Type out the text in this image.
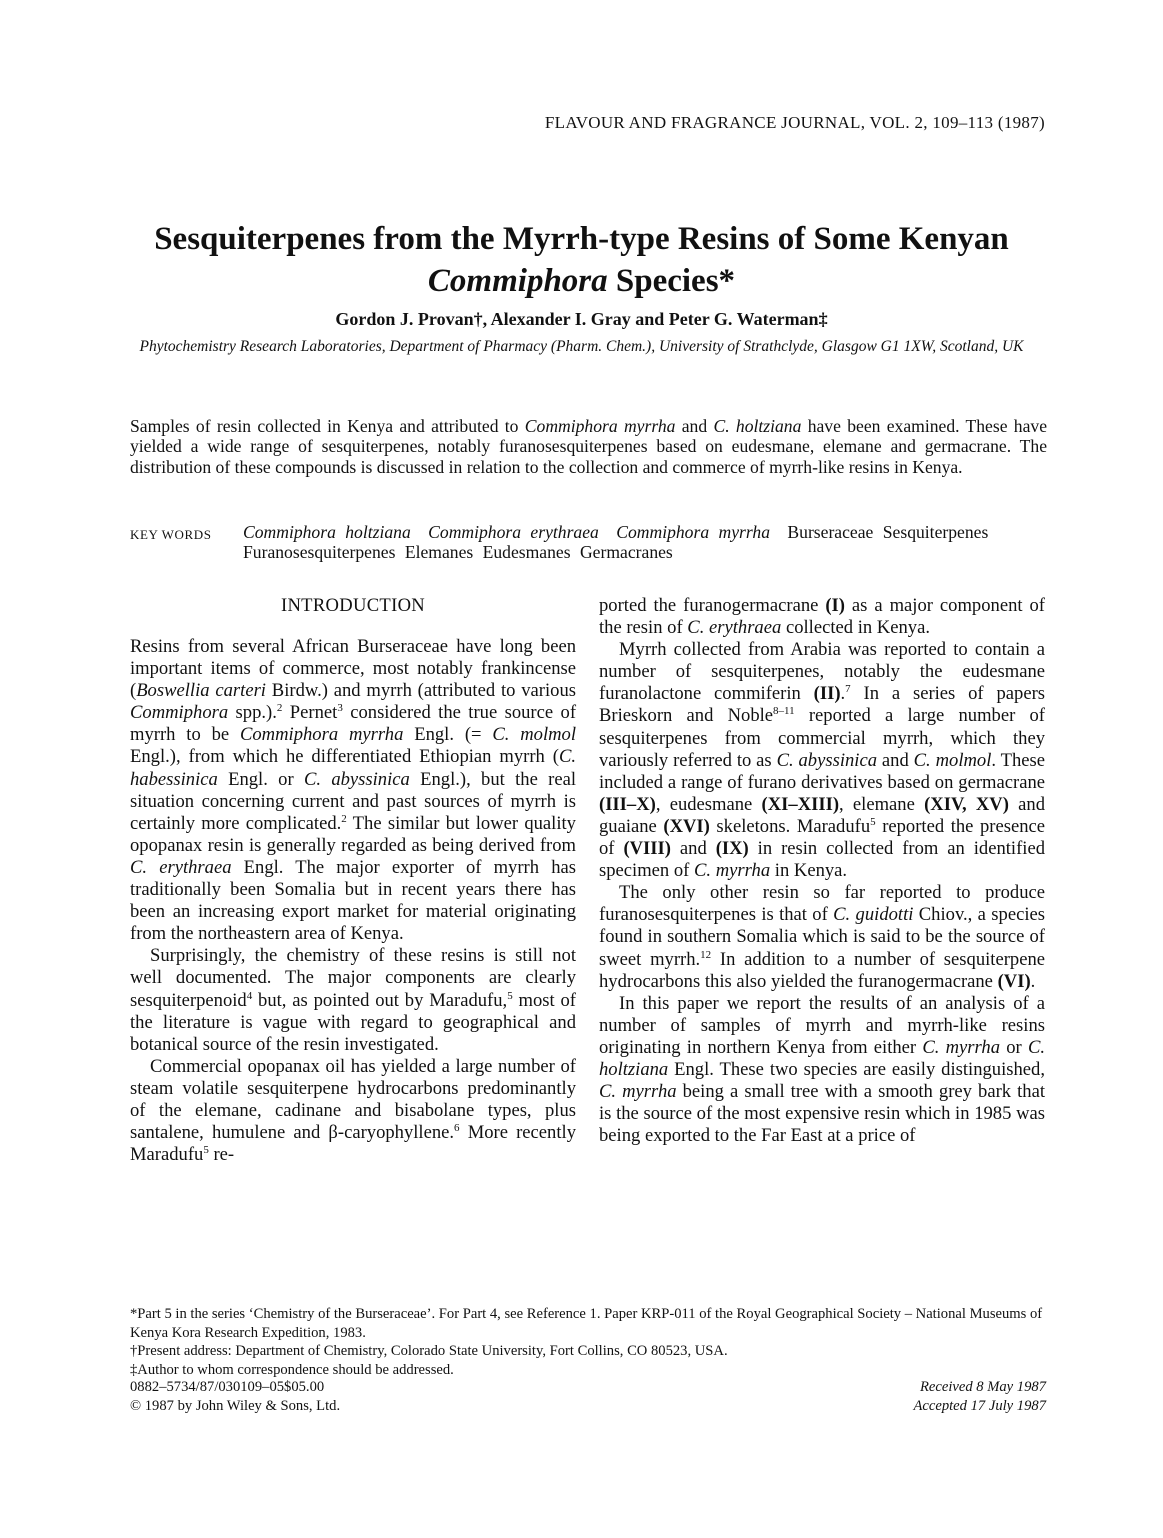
FLAVOUR AND FRAGRANCE JOURNAL, VOL. 2, 109–113 (1987)
Sesquiterpenes from the Myrrh-type Resins of Some Kenyan
Commiphora Species*
Gordon J. Provan†, Alexander I. Gray and Peter G. Waterman‡
Phytochemistry Research Laboratories, Department of Pharmacy (Pharm. Chem.), University of Strathclyde, Glasgow G1 1XW, Scotland, UK
Samples of resin collected in Kenya and attributed to Commiphora myrrha and C. holtziana have been examined. These have yielded a wide range of sesquiterpenes, notably furanosesquiterpenes based on eudesmane, elemane and germacrane. The distribution of these compounds is discussed in relation to the collection and commerce of myrrh-like resins in Kenya.
KEY WORDS Commiphora holtziana Commiphora erythraea Commiphora myrrha Burseraceae Sesquiterpenes Furanosesquiterpenes Elemanes Eudesmanes Germacranes
INTRODUCTION

Resins from several African Burseraceae have long been important items of commerce, most notably frankincense (Boswellia carteri Birdw.) and myrrh (attributed to various Commiphora spp.).$^2$ Pernet$^3$ considered the true source of myrrh to be Commiphora myrrha Engl. (= C. molmol Engl.), from which he differentiated Ethiopian myrrh (C. habessinica Engl. or C. abyssinica Engl.), but the real situation concerning current and past sources of myrrh is certainly more complicated.$^2$ The similar but lower quality opopanax resin is generally regarded as being derived from C. erythraea Engl. The major exporter of myrrh has traditionally been Somalia but in recent years there has been an increasing export market for material originating from the northeastern area of Kenya.

Surprisingly, the chemistry of these resins is still not well documented. The major components are clearly sesquiterpenoid$^4$ but, as pointed out by Maradufu,$^5$ most of the literature is vague with regard to geographical and botanical source of the resin investigated.

Commercial opopanax oil has yielded a large number of steam volatile sesquiterpene hydrocarbons predominantly of the elemane, cadinane and bisabolane types, plus santalene, humulene and β-caryophyllene.$^6$ More recently Maradufu$^5$ re-

ported the furanogermacrane (I) as a major component of the resin of C. erythraea collected in Kenya.

Myrrh collected from Arabia was reported to contain a number of sesquiterpenes, notably the eudesmane furanolactone commiferin (II).$^7$ In a series of papers Brieskorn and Noble$^{8-11}$ reported a large number of sesquiterpenes from commercial myrrh, which they variously referred to as C. abyssinica and C. molmol. These included a range of furano derivatives based on germacrane (III–X), eudesmane (XI–XIII), elemane (XIV, XV) and guaiane (XVI) skeletons. Maradufu$^5$ reported the presence of (VIII) and (IX) in resin collected from an identified specimen of C. myrrha in Kenya.

The only other resin so far reported to produce furanosesquiterpenes is that of C. guidotti Chiov., a species found in southern Somalia which is said to be the source of sweet myrrh.$^{12}$ In addition to a number of sesquiterpene hydrocarbons this also yielded the furanogermacrane (VI).

In this paper we report the results of an analysis of a number of samples of myrrh and myrrh-like resins originating in northern Kenya from either C. myrrha or C. holtziana Engl. These two species are easily distinguished, C. myrrha being a small tree with a smooth grey bark that is the source of the most expensive resin which in 1985 was being exported to the Far East at a price of

*Part 5 in the series ‘Chemistry of the Burseraceae’. For Part 4, see Reference 1. Paper KRP-011 of the Royal Geographical Society – National Museums of Kenya Kora Research Expedition, 1983.
†Present address: Department of Chemistry, Colorado State University, Fort Collins, CO 80523, USA.
‡Author to whom correspondence should be addressed.
0882–5734/87/030109–05$05.00
© 1987 by John Wiley & Sons, Ltd.
Received 8 May 1987
Accepted 17 July 1987
